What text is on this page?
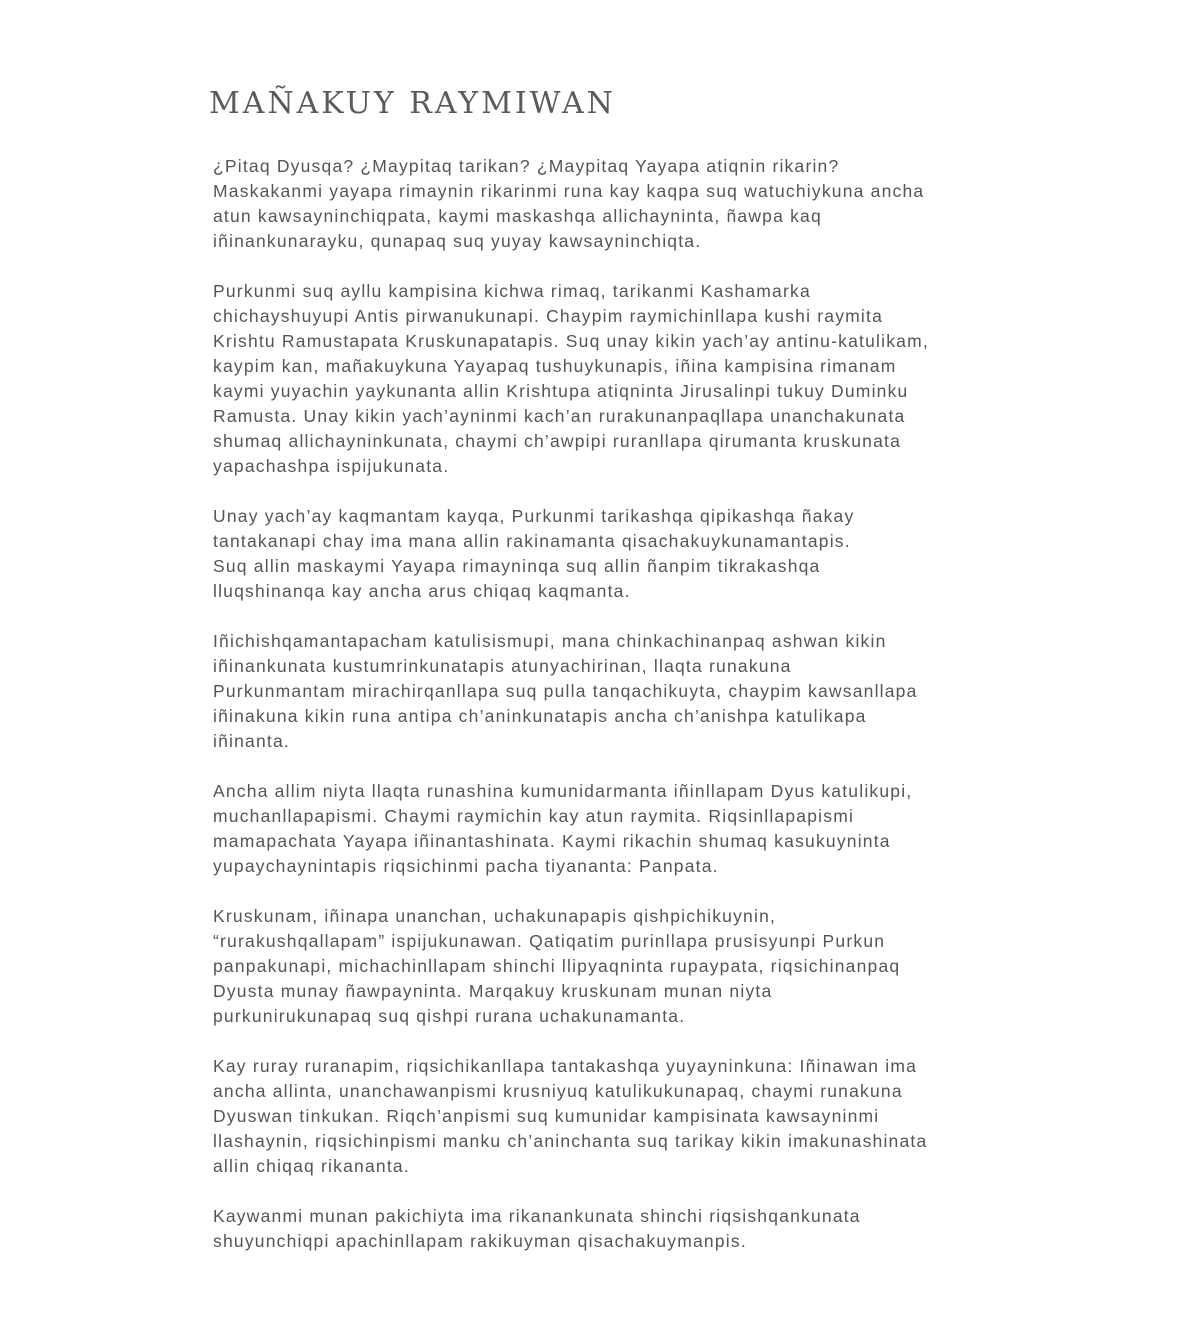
MAÑAKUY RAYMIWAN

¿Pitaq Dyusqa? ¿Maypitaq tarikan? ¿Maypitaq Yayapa atiqnin rikarin?
Maskakanmi yayapa rimaynin rikarinmi runa kay kaqpa suq watuchiykuna ancha
atun kawsayninchiqpata, kaymi maskashqa allichayninta, ñawpa kaq
iñinankunarayku, qunapaq suq yuyay kawsayninchiqta.

Purkunmi suq ayllu kampisina kichwa rimaq, tarikanmi Kashamarka
chichayshuyupi Antis pirwanukunapi. Chaypim raymichinllapa kushi raymita
Krishtu Ramustapata Kruskunapatapis. Suq unay kikin yach’ay antinu-katulikam,
kaypim kan, mañakuykuna Yayapaq tushuykunapis, iñina kampisina rimanam
kaymi yuyachin yaykunanta allin Krishtupa atiqninta Jirusalinpi tukuy Duminku
Ramusta. Unay kikin yach’ayninmi kach’an rurakunanpaqllapa unanchakunata
shumaq allichayninkunata, chaymi ch’awpipi ruranllapa qirumanta kruskunata
yapachashpa ispijukunata.

Unay yach’ay kaqmantam kayqa, Purkunmi tarikashqa qipikashqa ñakay
tantakanapi chay ima mana allin rakinamanta qisachakuykunamantapis.
Suq allin maskaymi Yayapa rimayninqa suq allin ñanpim tikrakashqa
lluqshinanqa kay ancha arus chiqaq kaqmanta.

Iñichishqamantapacham katulisismupi, mana chinkachinanpaq ashwan kikin
iñinankunata kustumrinkunatapis atunyachirinan, llaqta runakuna
Purkunmantam mirachirqanllapa suq pulla tanqachikuyta, chaypim kawsanllapa
iñinakuna kikin runa antipa ch’aninkunatapis ancha ch’anishpa katulikapa
iñinanta.

Ancha allim niyta llaqta runashina kumunidarmanta iñinllapam Dyus katulikupi,
muchanllapapismi. Chaymi raymichin kay atun raymita. Riqsinllapapismi
mamapachata Yayapa iñinantashinata. Kaymi rikachin shumaq kasukuyninta
yupaychaynintapis riqsichinmi pacha tiyananta: Panpata.

Kruskunam, iñinapa unanchan, uchakunapapis qishpichikuynin,
“rurakushqallapam” ispijukunawan. Qatiqatim purinllapa prusisyunpi Purkun
panpakunapi, michachinllapam shinchi llipyaqninta rupaypata, riqsichinanpaq
Dyusta munay ñawpayninta. Marqakuy kruskunam munan niyta
purkunirukunapaq suq qishpi rurana uchakunamanta.

Kay ruray ruranapim, riqsichikanllapa tantakashqa yuyayninkuna: Iñinawan ima
ancha allinta, unanchawanpismi krusniyuq katulikukunapaq, chaymi runakuna
Dyuswan tinkukan. Riqch’anpismi suq kumunidar kampisinata kawsayninmi
llashaynin, riqsichinpismi manku ch’aninchanta suq tarikay kikin imakunashinata
allin chiqaq rikananta.

Kaywanmi munan pakichiyta ima rikanankunata shinchi riqsishqankunata
shuyunchiqpi apachinllapam rakikuyman qisachakuymanpis.
